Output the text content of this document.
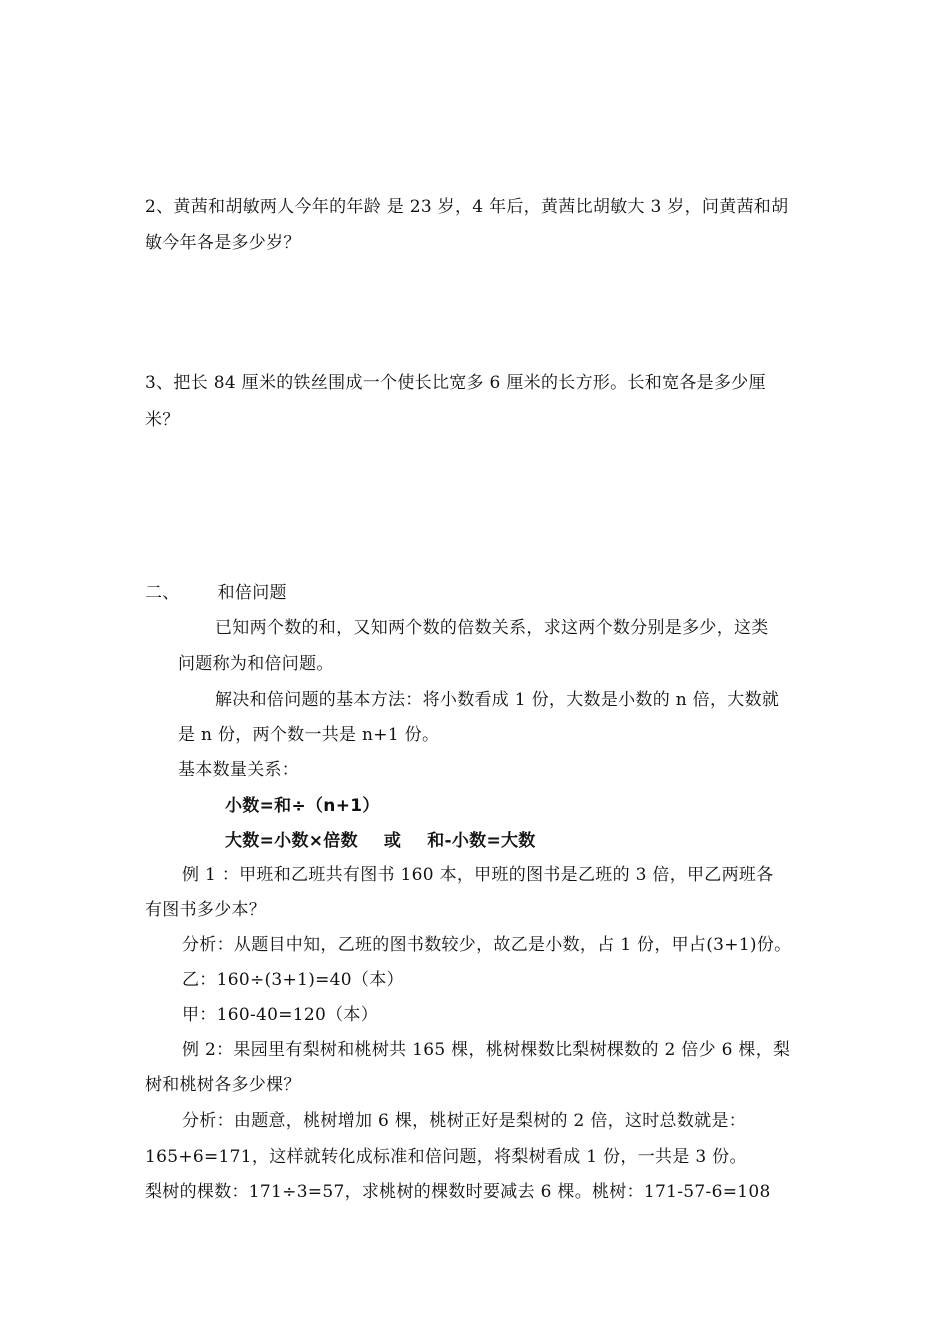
2、黄茜和胡敏两人今年的年龄 是 23 岁，4 年后，黄茜比胡敏大 3 岁，问黄茜和胡
敏今年各是多少岁？
3、把长 84 厘米的铁丝围成一个使长比宽多 6 厘米的长方形。长和宽各是多少厘
米？
二、 和倍问题
已知两个数的和，又知两个数的倍数关系，求这两个数分别是多少，这类
问题称为和倍问题。
解决和倍问题的基本方法：将小数看成 1 份，大数是小数的 n 倍，大数就
是 n 份，两个数一共是 n+1 份。
基本数量关系：
小数=和÷（n+1）
大数=小数×倍数 或 和-小数=大数
例 1 ：甲班和乙班共有图书 160 本，甲班的图书是乙班的 3 倍，甲乙两班各
有图书多少本？
分析：从题目中知，乙班的图书数较少，故乙是小数，占 1 份，甲占(3+1)份。
乙：160÷(3+1)=40（本）
甲：160-40=120（本）
例 2：果园里有梨树和桃树共 165 棵，桃树棵数比梨树棵数的 2 倍少 6 棵，梨
树和桃树各多少棵？
分析：由题意，桃树增加 6 棵，桃树正好是梨树的 2 倍，这时总数就是：
165+6=171，这样就转化成标准和倍问题，将梨树看成 1 份，一共是 3 份。
梨树的棵数：171÷3=57，求桃树的棵数时要减去 6 棵。桃树：171-57-6=108
